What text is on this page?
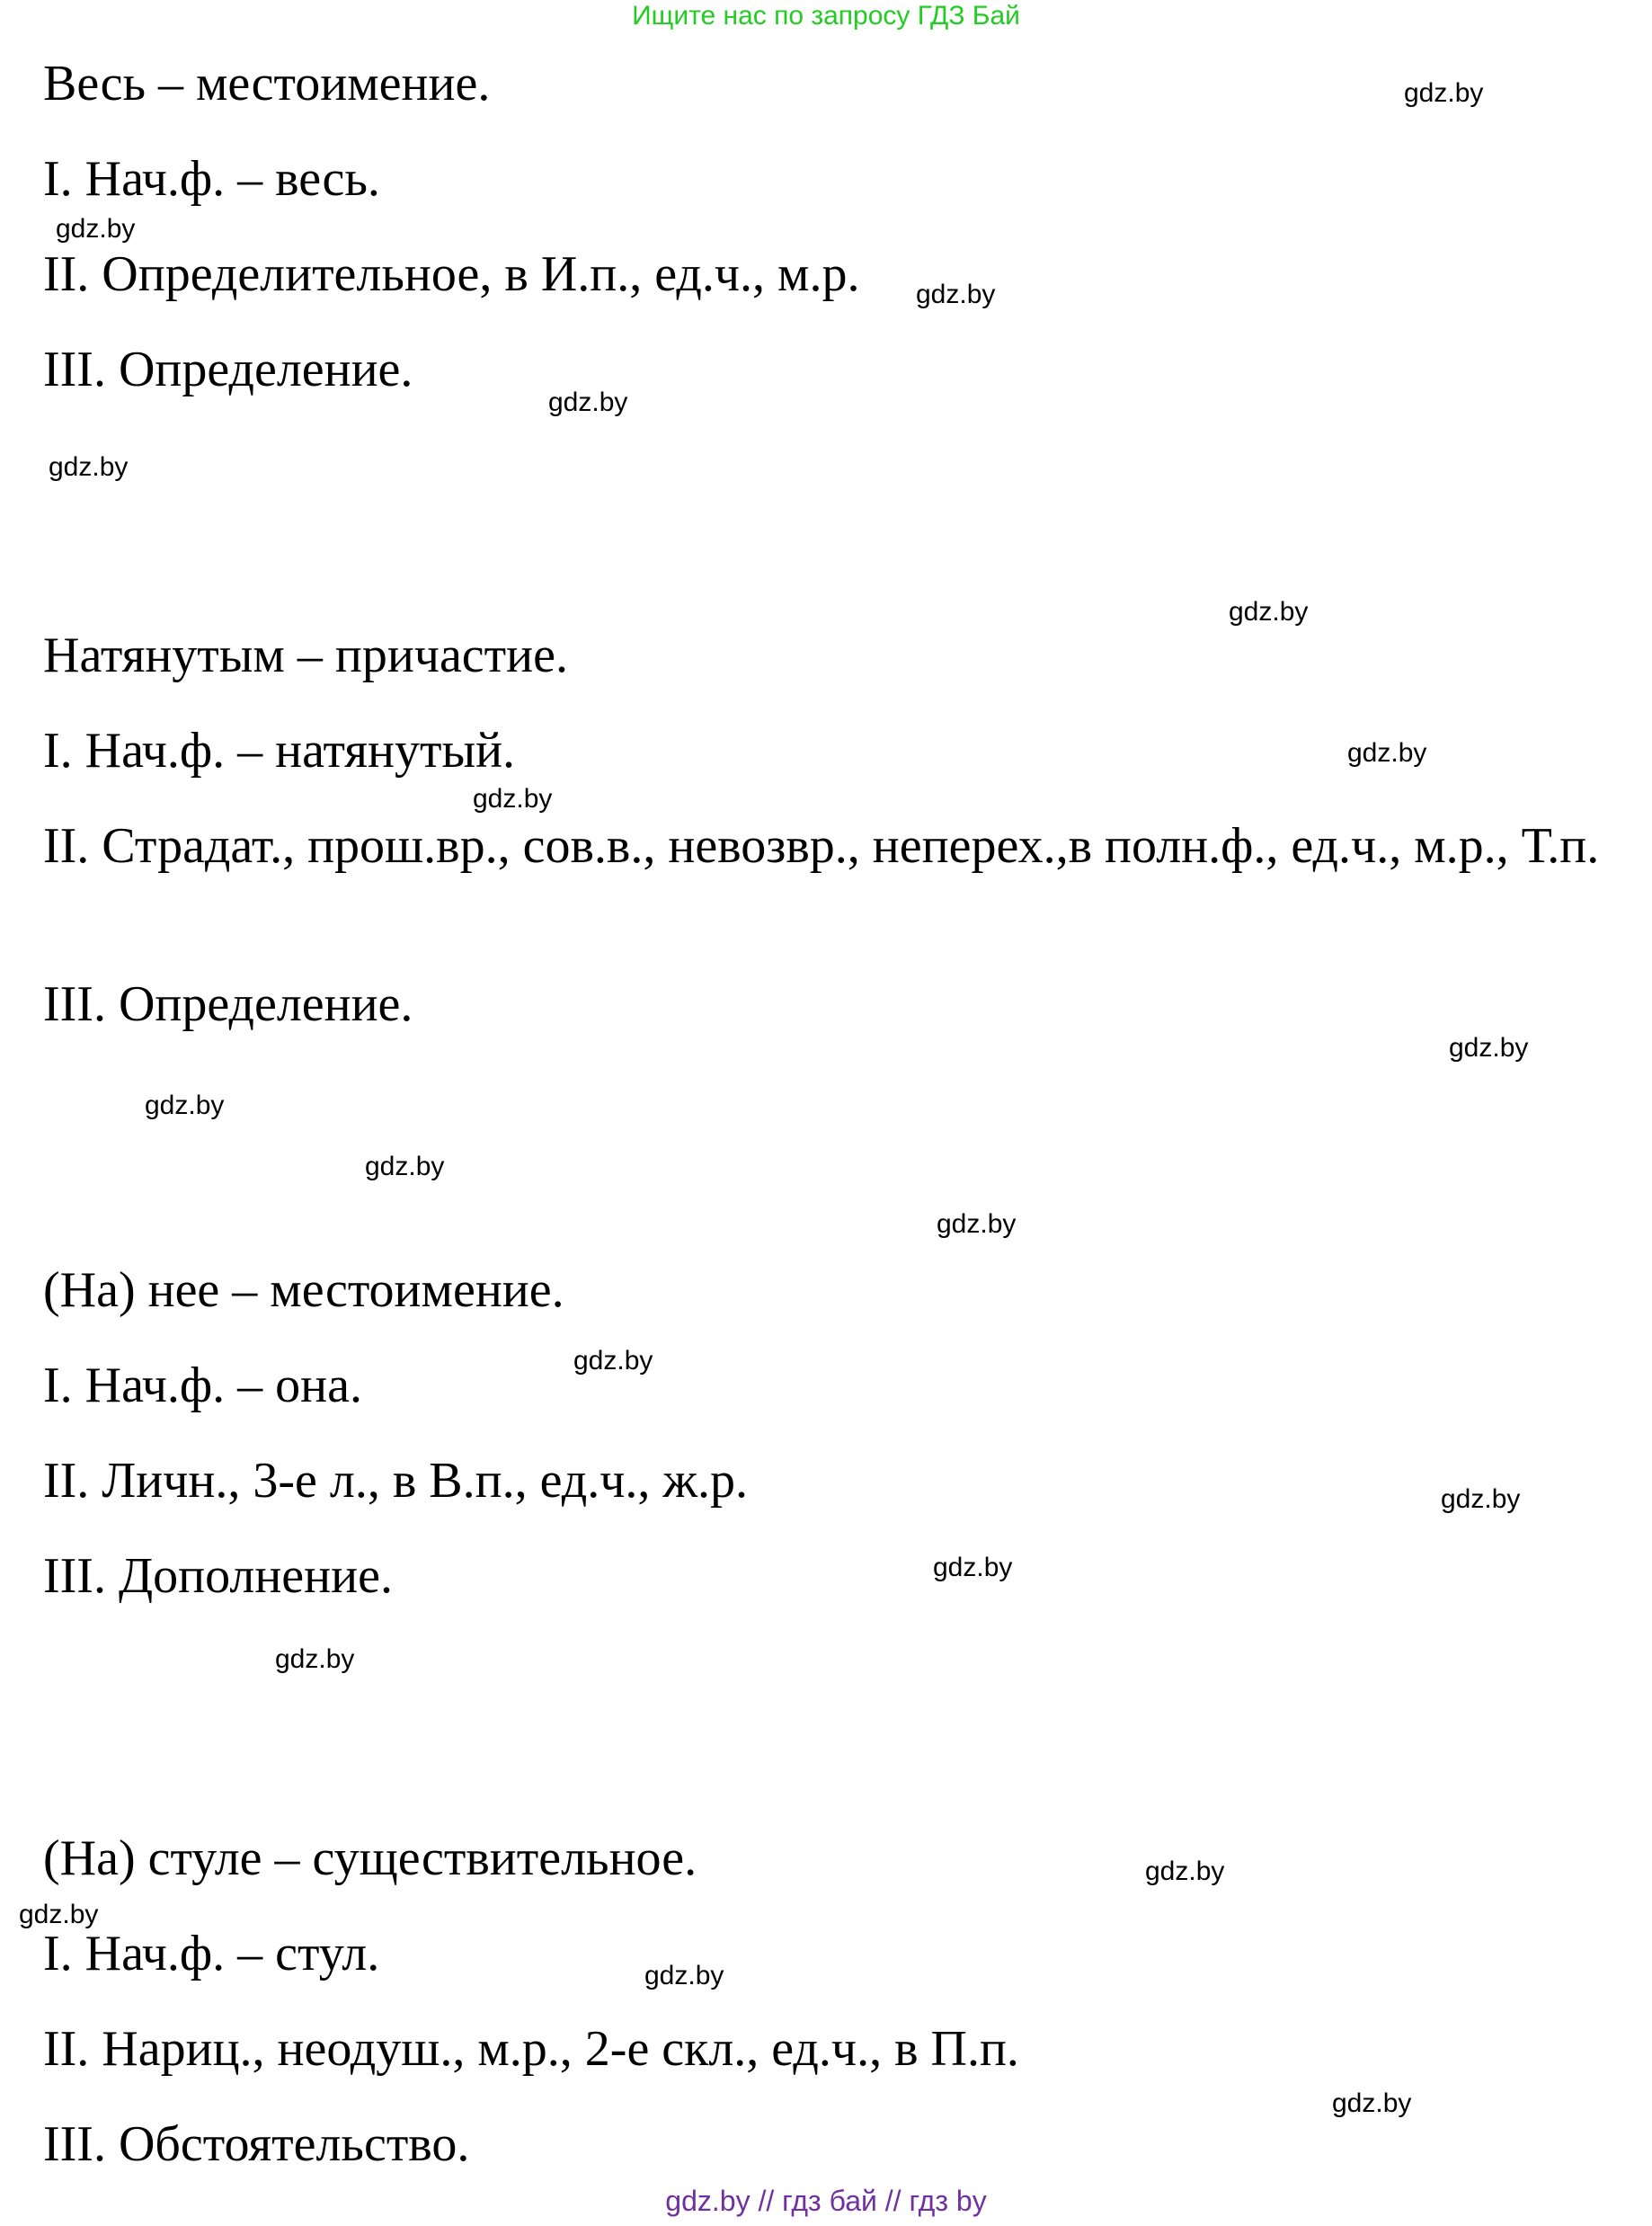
Ищите нас по запросу ГДЗ Бай
Весь – местоимение.
I. Нач.ф. – весь.
II. Определительное, в И.п., ед.ч., м.р.
III. Определение.
Натянутым – причастие.
I. Нач.ф. – натянутый.
II. Страдат., прош.вр., сов.в., невозвр., неперех.,в полн.ф., ед.ч., м.р., Т.п.
III. Определение.
(На) нее – местоимение.
I. Нач.ф. – она.
II. Личн., 3-е л., в В.п., ед.ч., ж.р.
III. Дополнение.
(На) стуле – существительное.
I. Нач.ф. – стул.
II. Нариц., неодуш., м.р., 2-е скл., ед.ч., в П.п.
III. Обстоятельство.
gdz.by
gdz.by
gdz.by
gdz.by
gdz.by
gdz.by
gdz.by
gdz.by
gdz.by
gdz.by
gdz.by
gdz.by
gdz.by
gdz.by
gdz.by
gdz.by
gdz.by
gdz.by
gdz.by
gdz.by
gdz.by // гдз бай // гдз by
